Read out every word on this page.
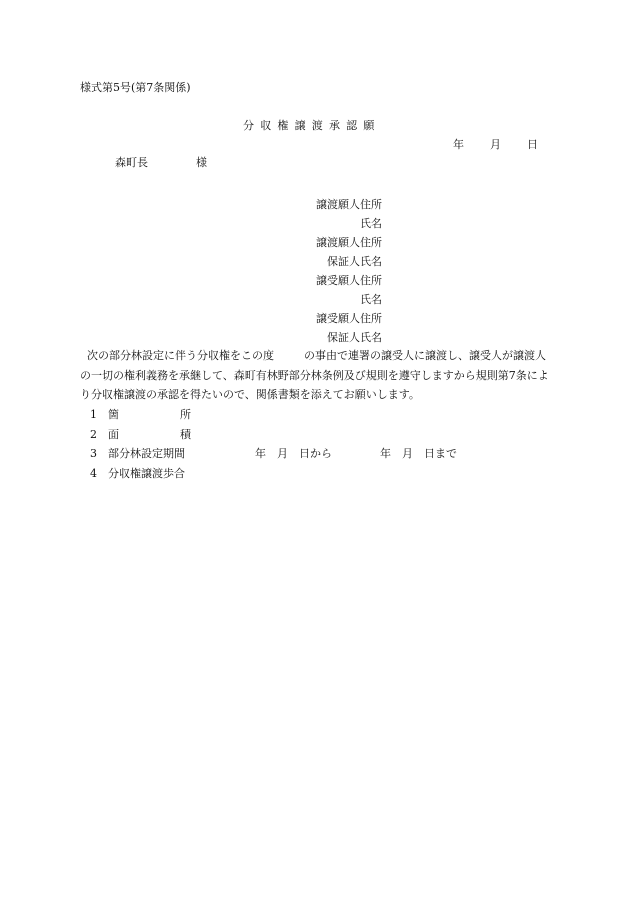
様式第5号(第7条関係)
分収権譲渡承認願
年 月 日
森町長	様
譲渡願人住所
氏名
譲渡願人住所
保証人氏名
譲受願人住所
氏名
譲受願人住所
保証人氏名
次の部分林設定に伴う分収権をこの度	の事由で連署の譲受人に譲渡し、譲受人が譲渡人の一切の権利義務を承継して、森町有林野部分林条例及び規則を遵守しますから規則第7条により分収権譲渡の承認を得たいので、関係書類を添えてお願いします。
1	箇	所
2	面	積
3	部分林設定期間	年 月 日から	年 月 日まで
4	分収権譲渡歩合
